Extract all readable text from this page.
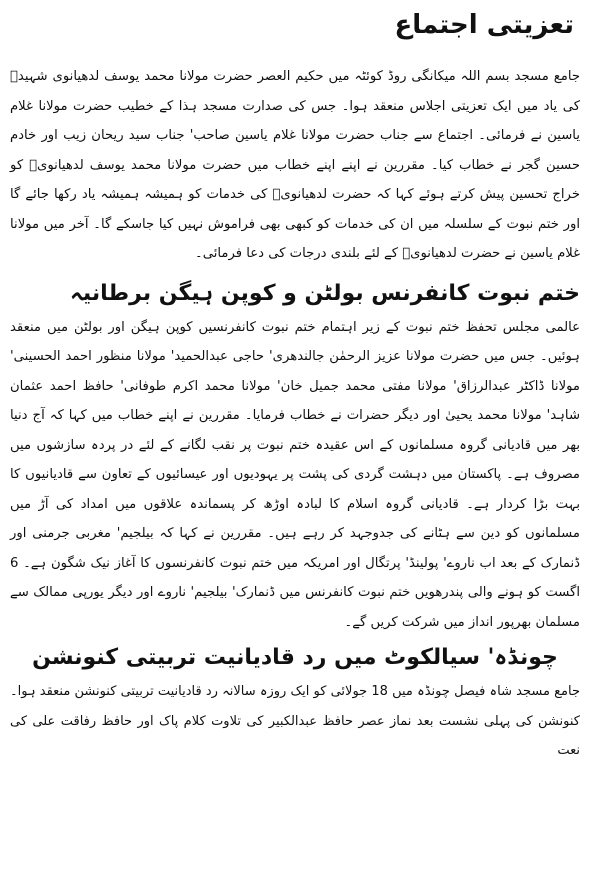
تعزیتی اجتماع

جامع مسجد بسم اللہ میکانگی روڈ کوئٹہ میں حکیم العصر حضرت مولانا محمد یوسف لدھیانوی شہیدؒ کی یاد میں ایک تعزیتی اجلاس منعقد ہوا۔ جس کی صدارت مسجد ہذا کے خطیب حضرت مولانا غلام یاسین نے فرمائی۔ اجتماع سے جناب حضرت مولانا غلام یاسین صاحب' جناب سید ریحان زیب اور خادم حسین گجر نے خطاب کیا۔ مقررین نے اپنے اپنے خطاب میں حضرت مولانا محمد یوسف لدھیانویؒ کو خراج تحسین پیش کرتے ہوئے کہا کہ حضرت لدھیانویؒ کی خدمات کو ہمیشہ ہمیشہ یاد رکھا جائے گا اور ختم نبوت کے سلسلہ میں ان کی خدمات کو کبھی بھی فراموش نہیں کیا جاسکے گا۔ آخر میں مولانا غلام یاسین نے حضرت لدھیانویؒ کے لئے بلندی درجات کی دعا فرمائی۔

ختم نبوت کانفرنس بولٹن و کوپن ہیگن برطانیہ

عالمی مجلس تحفظ ختم نبوت کے زیر اہتمام ختم نبوت کانفرنسیں کوپن ہیگن اور بولٹن میں منعقد ہوئیں۔ جس میں حضرت مولانا عزیز الرحمٰن جالندھری' حاجی عبدالحمید' مولانا منظور احمد الحسینی' مولانا ڈاکٹر عبدالرزاق' مولانا مفتی محمد جمیل خان' مولانا محمد اکرم طوفانی' حافظ احمد عثمان شاہد' مولانا محمد یحییٰ اور دیگر حضرات نے خطاب فرمایا۔ مقررین نے اپنے خطاب میں کہا کہ آج دنیا بھر میں قادیانی گروہ مسلمانوں کے اس عقیدہ ختم نبوت پر نقب لگانے کے لئے در پردہ سازشوں میں مصروف ہے۔ پاکستان میں دہشت گردی کی پشت پر یہودیوں اور عیسائیوں کے تعاون سے قادیانیوں کا بہت بڑا کردار ہے۔ قادیانی گروہ اسلام کا لبادہ اوڑھ کر پسماندہ علاقوں میں امداد کی آڑ میں مسلمانوں کو دین سے ہٹانے کی جدوجہد کر رہے ہیں۔ مقررین نے کہا کہ بیلجیم' مغربی جرمنی اور ڈنمارک کے بعد اب ناروے' پولینڈ' پرتگال اور امریکہ میں ختم نبوت کانفرنسوں کا آغاز نیک شگون ہے۔ 6 اگست کو ہونے والی پندرھویں ختم نبوت کانفرنس میں ڈنمارک' بیلجیم' ناروے اور دیگر یورپی ممالک سے مسلمان بھرپور انداز میں شرکت کریں گے۔

چونڈہ' سیالکوٹ میں رد قادیانیت تربیتی کنونشن

جامع مسجد شاہ فیصل چونڈہ میں 18 جولائی کو ایک روزہ سالانہ رد قادیانیت تربیتی کنونشن منعقد ہوا۔ کنونشن کی پہلی نشست بعد نماز عصر حافظ عبدالکبیر کی تلاوت کلام پاک اور حافظ رفاقت علی کی نعت
